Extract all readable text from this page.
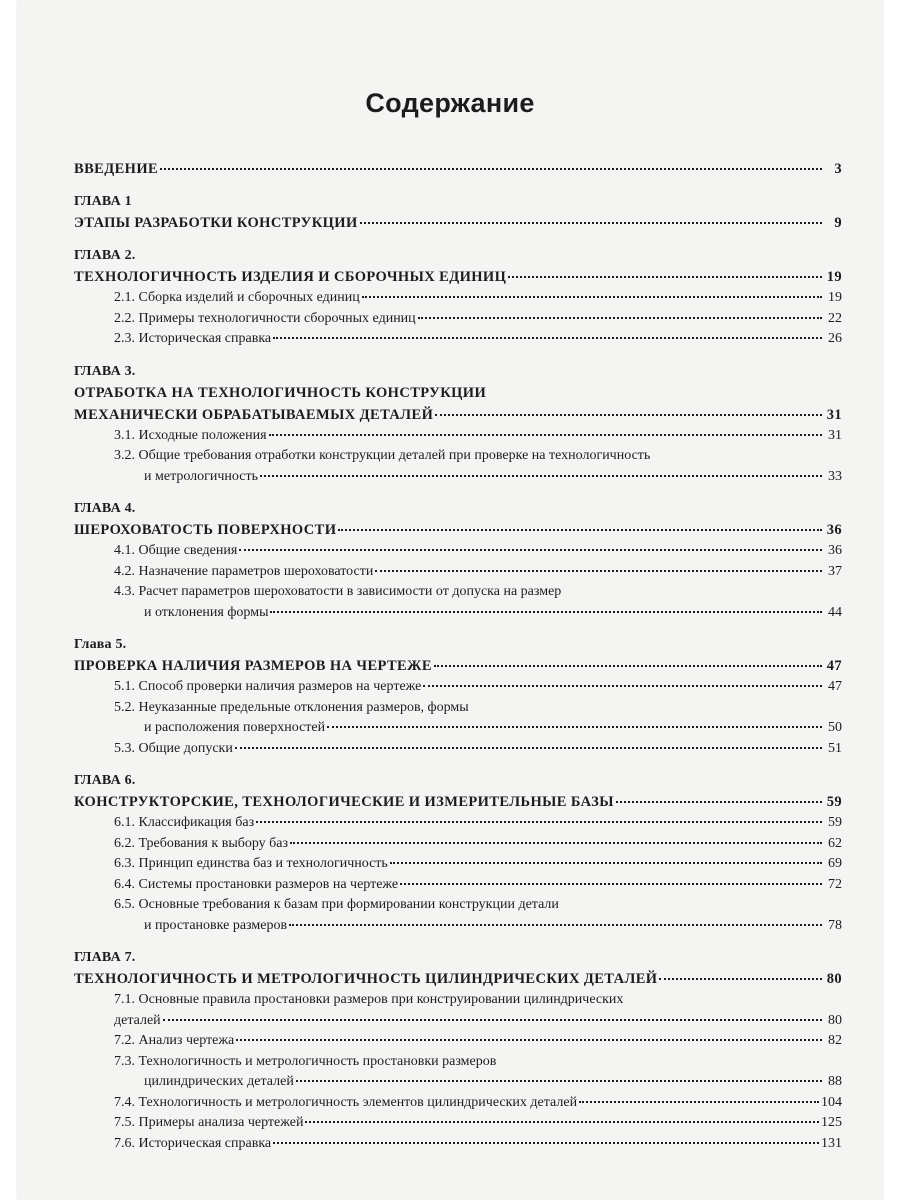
Содержание
ВВЕДЕНИЕ	3
ГЛАВА 1
ЭТАПЫ РАЗРАБОТКИ КОНСТРУКЦИИ	9
ГЛАВА 2.
ТЕХНОЛОГИЧНОСТЬ ИЗДЕЛИЯ И СБОРОЧНЫХ ЕДИНИЦ	19
2.1. Сборка изделий и сборочных единиц	19
2.2. Примеры технологичности сборочных единиц	22
2.3. Историческая справка	26
ГЛАВА 3.
ОТРАБОТКА НА ТЕХНОЛОГИЧНОСТЬ КОНСТРУКЦИИ
МЕХАНИЧЕСКИ ОБРАБАТЫВАЕМЫХ ДЕТАЛЕЙ	31
3.1. Исходные положения	31
3.2. Общие требования отработки конструкции деталей при проверке на технологичность
и метрологичность	33
ГЛАВА 4.
ШЕРОХОВАТОСТЬ ПОВЕРХНОСТИ	36
4.1. Общие сведения	36
4.2. Назначение параметров шероховатости	37
4.3. Расчет параметров шероховатости в зависимости от допуска на размер
и отклонения формы	44
Глава 5.
ПРОВЕРКА НАЛИЧИЯ РАЗМЕРОВ НА ЧЕРТЕЖЕ	47
5.1. Способ проверки наличия размеров на чертеже	47
5.2. Неуказанные предельные отклонения размеров, формы
и расположения поверхностей	50
5.3. Общие допуски	51
ГЛАВА 6.
КОНСТРУКТОРСКИЕ, ТЕХНОЛОГИЧЕСКИЕ И ИЗМЕРИТЕЛЬНЫЕ БАЗЫ	59
6.1. Классификация баз	59
6.2. Требования к выбору баз	62
6.3. Принцип единства баз и технологичность	69
6.4. Системы простановки размеров на чертеже	72
6.5. Основные требования к базам при формировании конструкции детали
и простановке размеров	78
ГЛАВА 7.
ТЕХНОЛОГИЧНОСТЬ И МЕТРОЛОГИЧНОСТЬ ЦИЛИНДРИЧЕСКИХ ДЕТАЛЕЙ	80
7.1. Основные правила простановки размеров при конструировании цилиндрических
деталей	80
7.2. Анализ чертежа	82
7.3. Технологичность и метрологичность простановки размеров
цилиндрических деталей	88
7.4. Технологичность и метрологичность элементов цилиндрических деталей	104
7.5. Примеры анализа чертежей	125
7.6. Историческая справка	131
